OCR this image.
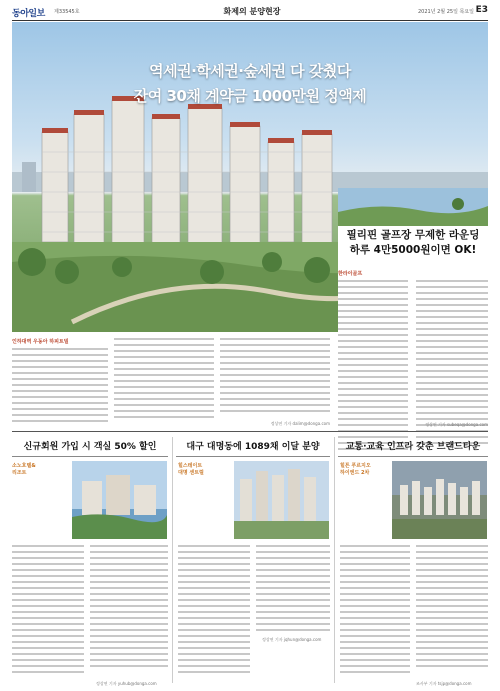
동아일보 제33545호	화제의 분양현장	2021년 2월 25일 목요일 E3
역세권·학세권·숲세권 다 갖췄다
잔여 30채 계약금 1000만원 정액제
필리핀 골프장 무제한 라운딩
하루 4만5000원이면 OK!
한라이골프
정상연 기자 subeqa@donga.com
인하대역 우동아 하피트빌
정상연 기자 dalim@donga.com
신규회원 가입 시 객실 50% 할인
소노호텔&
리조트
정상연 기자 yuhub@donga.com
대구 대명동에 1089채 이달 분양
힐스테이트
대명 센트럴
정상연 기자 jqhun@donga.com
교통·교육 인프라 갖춘 브랜드타운
힐튼 푸르지오
하이엔드 2차
조사부 기자 tsjp@donga.com
